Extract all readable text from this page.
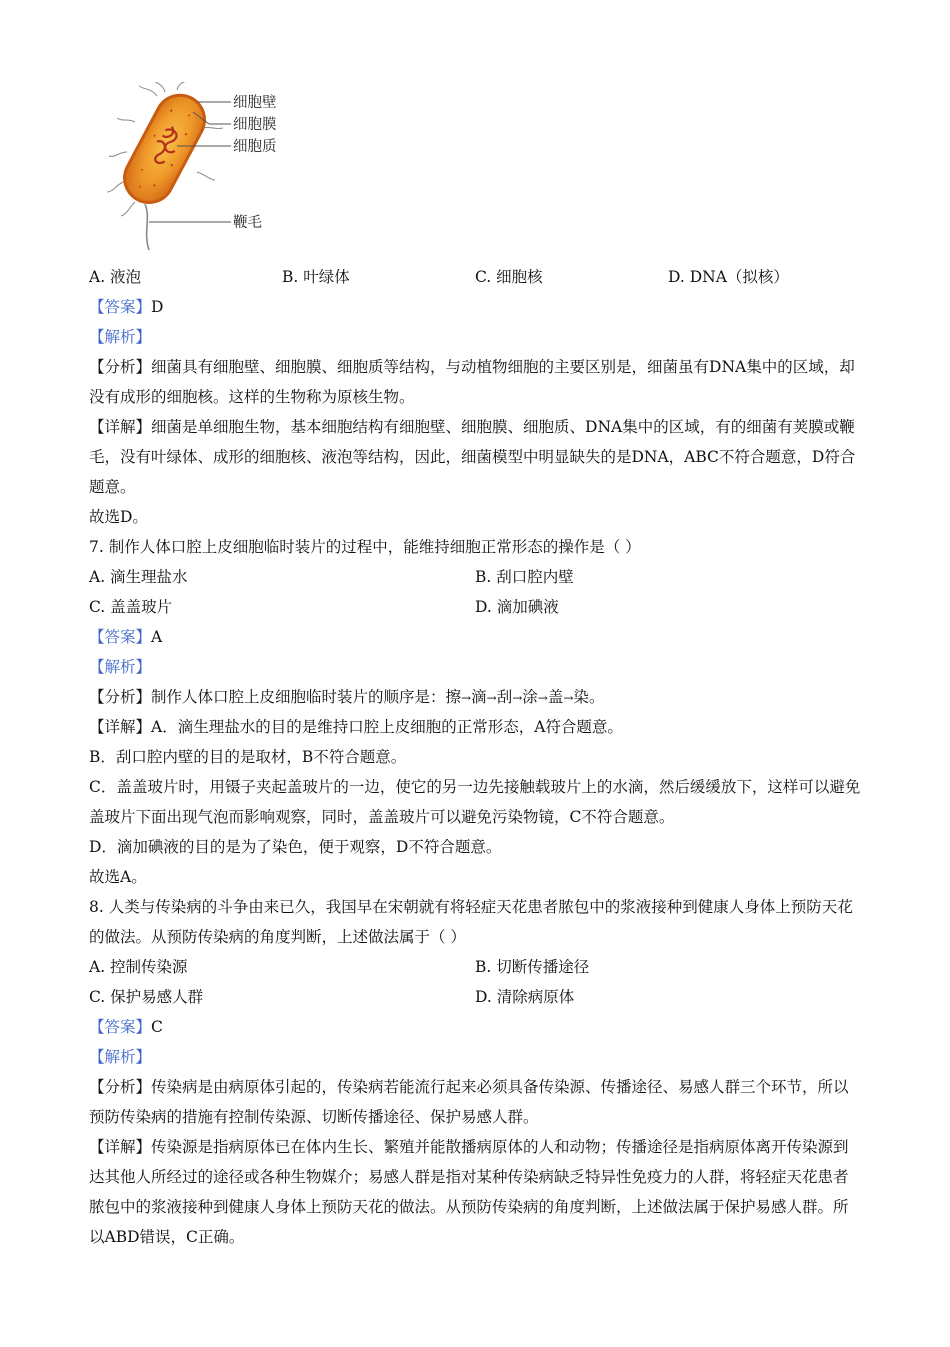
细胞壁
细胞膜
细胞质
鞭毛
A. 液泡	B. 叶绿体	C. 细胞核	D. DNA（拟核）
【答案】D
【解析】
【分析】细菌具有细胞壁、细胞膜、细胞质等结构，与动植物细胞的主要区别是，细菌虽有DNA集中的区域，却没有成形的细胞核。这样的生物称为原核生物。
【详解】细菌是单细胞生物，基本细胞结构有细胞壁、细胞膜、细胞质、DNA集中的区域，有的细菌有荚膜或鞭毛，没有叶绿体、成形的细胞核、液泡等结构，因此，细菌模型中明显缺失的是DNA，ABC不符合题意，D符合题意。
故选D。
7. 制作人体口腔上皮细胞临时装片的过程中，能维持细胞正常形态的操作是（ ）
A. 滴生理盐水	B. 刮口腔内壁
C. 盖盖玻片	D. 滴加碘液
【答案】A
【解析】
【分析】制作人体口腔上皮细胞临时装片的顺序是：擦→滴→刮→涂→盖→染。
【详解】A．滴生理盐水的目的是维持口腔上皮细胞的正常形态，A符合题意。
B．刮口腔内壁的目的是取材，B不符合题意。
C．盖盖玻片时，用镊子夹起盖玻片的一边，使它的另一边先接触载玻片上的水滴，然后缓缓放下，这样可以避免盖玻片下面出现气泡而影响观察，同时，盖盖玻片可以避免污染物镜，C不符合题意。
D．滴加碘液的目的是为了染色，便于观察，D不符合题意。
故选A。
8. 人类与传染病的斗争由来已久，我国早在宋朝就有将轻症天花患者脓包中的浆液接种到健康人身体上预防天花的做法。从预防传染病的角度判断，上述做法属于（ ）
A. 控制传染源	B. 切断传播途径
C. 保护易感人群	D. 清除病原体
【答案】C
【解析】
【分析】传染病是由病原体引起的，传染病若能流行起来必须具备传染源、传播途径、易感人群三个环节，所以预防传染病的措施有控制传染源、切断传播途径、保护易感人群。
【详解】传染源是指病原体已在体内生长、繁殖并能散播病原体的人和动物；传播途径是指病原体离开传染源到达其他人所经过的途径或各种生物媒介；易感人群是指对某种传染病缺乏特异性免疫力的人群，将轻症天花患者脓包中的浆液接种到健康人身体上预防天花的做法。从预防传染病的角度判断，上述做法属于保护易感人群。所以ABD错误，C正确。
